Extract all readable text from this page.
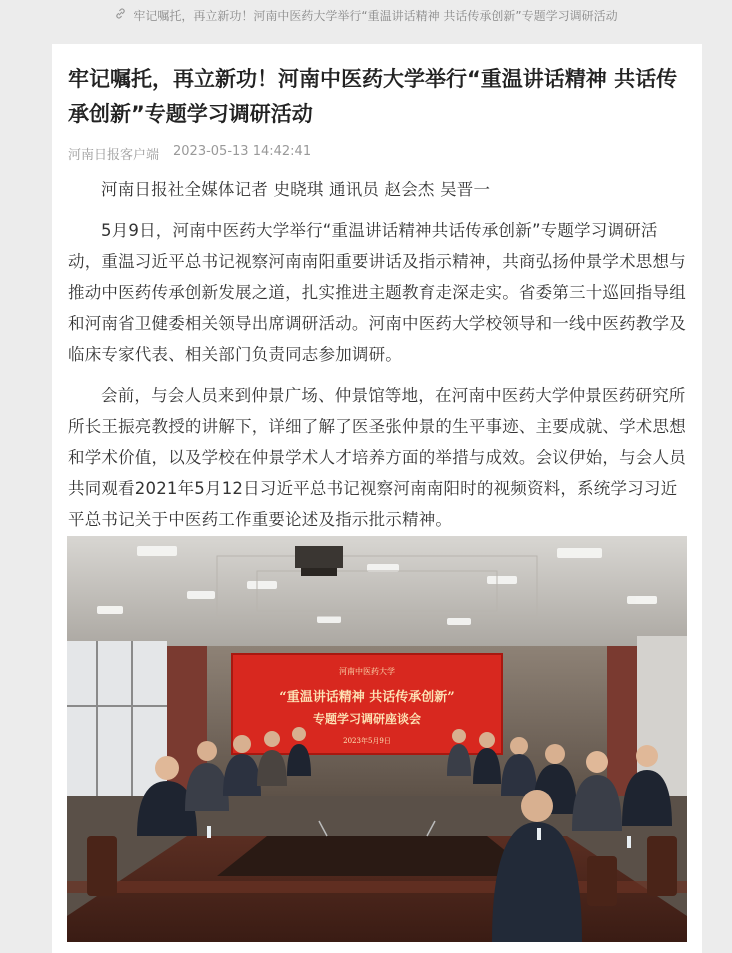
牢记嘱托，再立新功！河南中医药大学举行“重温讲话精神 共话传承创新”专题学习调研活动
牢记嘱托，再立新功！河南中医药大学举行“重温讲话精神 共话传承创新”专题学习调研活动
河南日报客户端 2023-05-13 14:42:41

河南日报社全媒体记者 史晓琪 通讯员 赵会杰 吴晋一

5月9日，河南中医药大学举行“重温讲话精神共话传承创新”专题学习调研活动，重温习近平总书记视察河南南阳重要讲话及指示精神，共商弘扬仲景学术思想与推动中医药传承创新发展之道，扎实推进主题教育走深走实。省委第三十巡回指导组和河南省卫健委相关领导出席调研活动。河南中医药大学校领导和一线中医药教学及临床专家代表、相关部门负责同志参加调研。

会前，与会人员来到仲景广场、仲景馆等地，在河南中医药大学仲景医药研究所所长王振亮教授的讲解下，详细了解了医圣张仲景的生平事迹、主要成就、学术思想和学术价值，以及学校在仲景学术人才培养方面的举措与成效。会议伊始，与会人员共同观看2021年5月12日习近平总书记视察河南南阳时的视频资料，系统学习习近平总书记关于中医药工作重要论述及指示批示精神。

河南中医药大学
“重温讲话精神 共话传承创新”
专题学习调研座谈会
2023年5月9日
